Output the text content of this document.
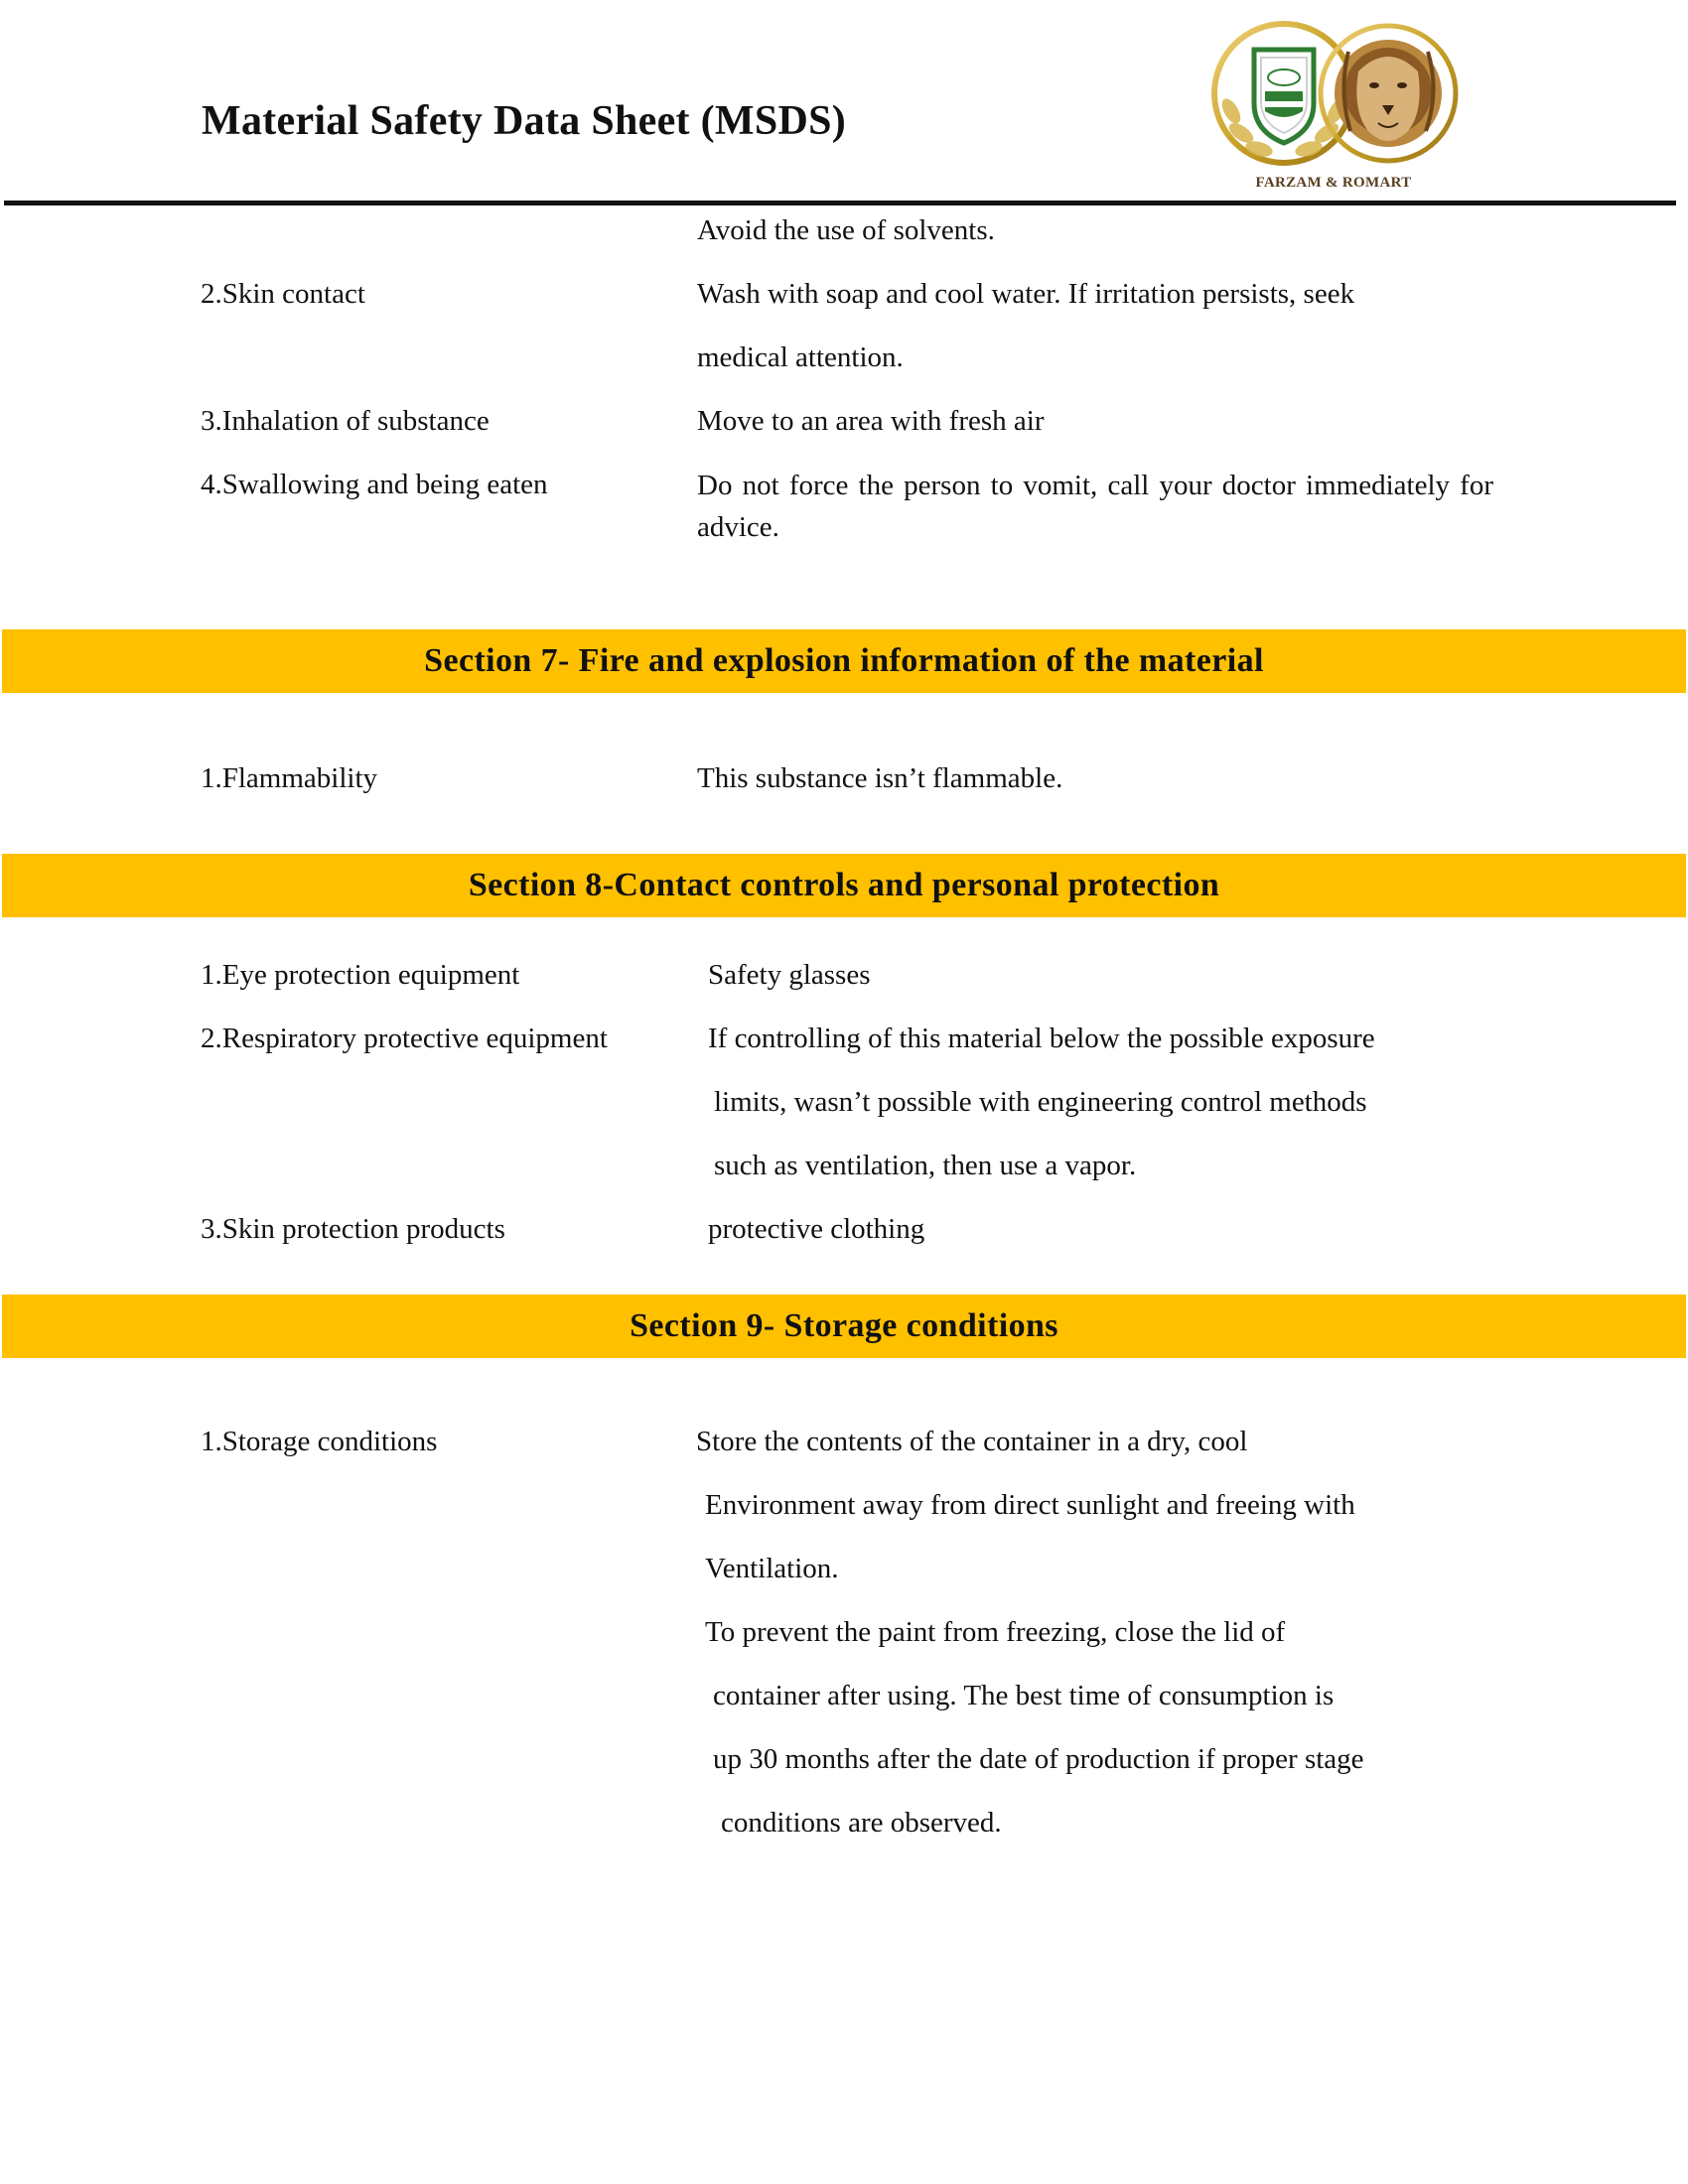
Material Safety Data Sheet (MSDS)
FARZAM & ROMART
Avoid the use of solvents.
2.Skin contact	Wash with soap and cool water. If irritation persists, seek
medical attention.
3.Inhalation of substance	Move to an area with fresh air
4.Swallowing and being eaten	Do not force the person to vomit, call your doctor immediately for advice.
Section 7- Fire and explosion information of the material
1.Flammability	This substance isn’t flammable.
Section 8-Contact controls and personal protection
1.Eye protection equipment	Safety glasses
2.Respiratory protective equipment	If controlling of this material below the possible exposure
limits, wasn’t possible with engineering control methods
such as ventilation, then use a vapor.
3.Skin protection products	protective clothing
Section 9- Storage conditions
1.Storage conditions	Store the contents of the container in a dry, cool
Environment away from direct sunlight and freeing with
Ventilation.
To prevent the paint from freezing, close the lid of
container after using. The best time of consumption is
up 30 months after the date of production if proper stage
conditions are observed.
